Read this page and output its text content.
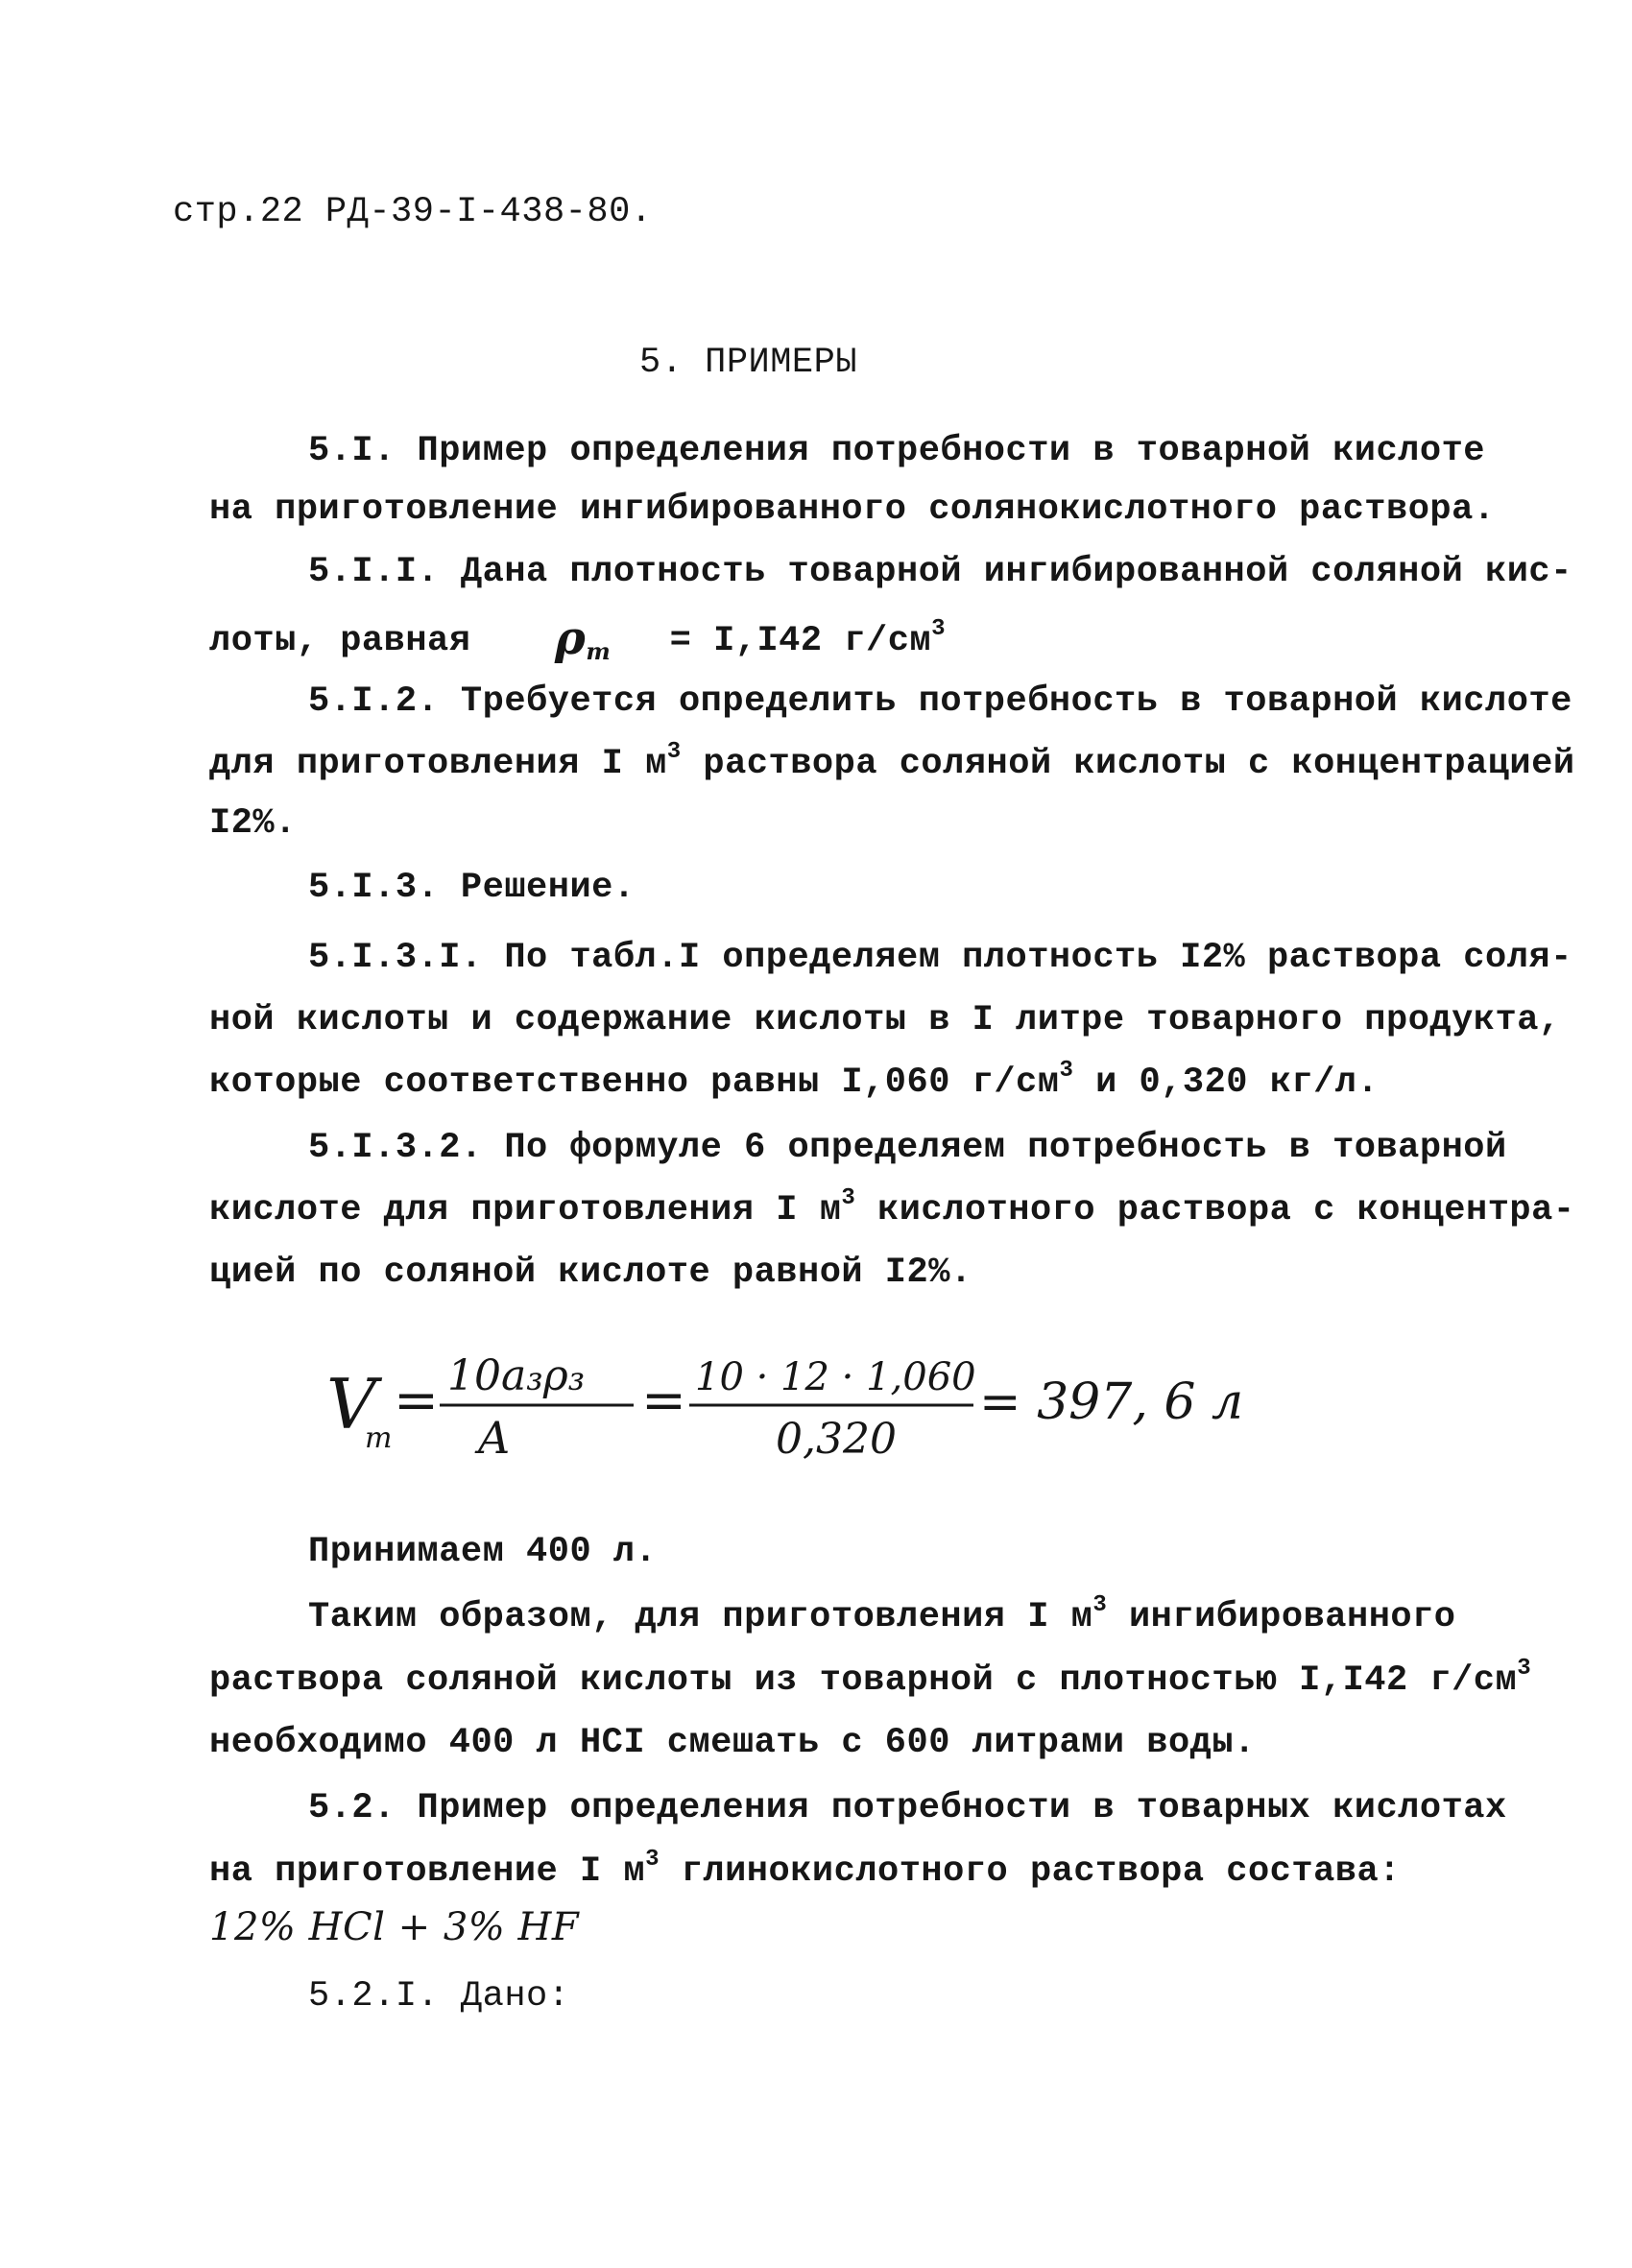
стр.22 РД-39-I-438-80.
5. ПРИМЕРЫ
5.I. Пример определения потребности в товарной кислоте
на приготовление ингибированного солянокислотного раствора.
5.I.I. Дана плотность товарной ингибированной соляной кис-
лоты, равная $\rho_т = I,I42$ $г/см^3$
5.I.2. Требуется определить потребность в товарной кислоте
для приготовления I $м^3$ раствора соляной кислоты с концентрацией
I2%.
5.I.3. Решение.
5.I.3.I. По табл.I определяем плотность I2% раствора соля-
ной кислоты и содержание кислоты в I литре товарного продукта,
которые соответственно равны I,060 $г/см^3$ и 0,320 кг/л.
5.I.3.2. По формуле 6 определяем потребность в товарной
кислоте для приготовления I $м^3$ кислотного раствора с концентра-
цией по соляной кислоте равной I2%.
V
т
= 10a₃ρ₃
A
= 10 · 12 · 1,060
0,320
= 397, 6 л
Принимаем 400 л.
Таким образом, для приготовления I $м^3$ ингибированного
раствора соляной кислоты из товарной с плотностью I,I42 $г/см^3$
необходимо 400 л HCI смешать с 600 литрами воды.
5.2. Пример определения потребности в товарных кислотах
на приготовление I $м^3$ глинокислотного раствора состава:
12% HCl + 3% HF
5.2.I. Дано:
